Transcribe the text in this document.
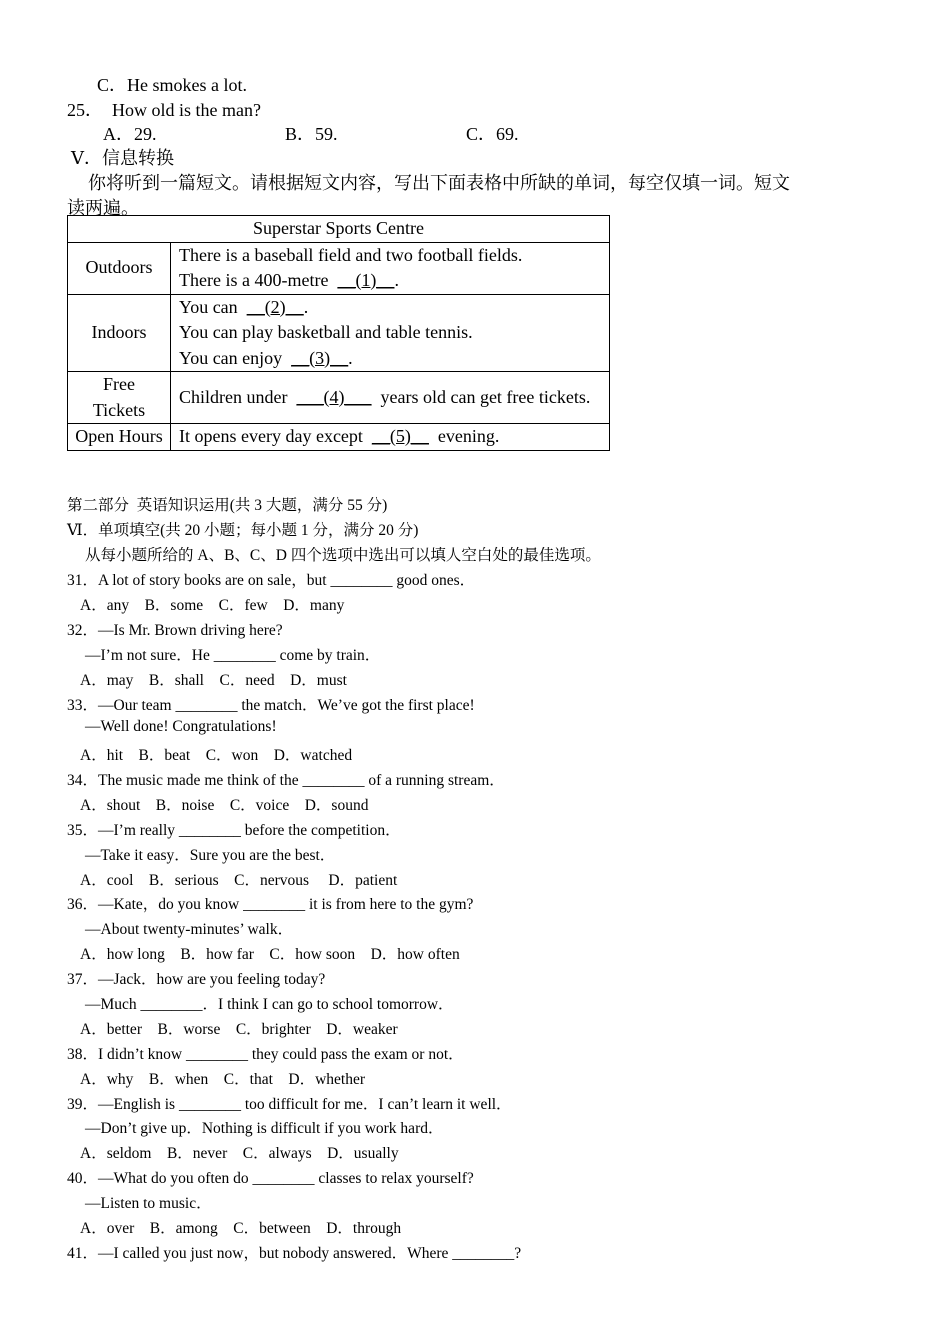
C．He smokes a lot.
25．  How old is the man?
A．29.	B．59.	C．69.
Ⅴ．信息转换
你将听到一篇短文。请根据短文内容，写出下面表格中所缺的单词，每空仅填一词。短文
读两遍。
Superstar Sports Centre	
Outdoors	There is a baseball field and two football fields.
There is a 400-metre  __(1)__.

Indoors	You can  __(2)__.
You can play basketball and table tennis.
You can enjoy  __(3)__.

Free
Tickets	Children under  ___(4)___  years old can get free tickets.
Open Hours	It opens every day except  __(5)__  evening.
第二部分  英语知识运用(共 3 大题，满分 55 分)
Ⅵ．单项填空(共 20 小题；每小题 1 分，满分 20 分)
从每小题所给的 A、B、C、D 四个选项中选出可以填人空白处的最佳选项。
31．A lot of story books are on sale，but ________ good ones．
A．any    B．some    C．few    D．many
32．—Is Mr. Brown driving here?
—I’m not sure．He ________ come by train．
A．may    B．shall    C．need    D．must
33．—Our team ________ the match．We’ve got the first place!
—Well done! Congratulations!
A．hit    B．beat    C．won    D．watched
34．The music made me think of the ________ of a running stream．
A．shout    B．noise    C．voice    D．sound
35．—I’m really ________ before the competition．
—Take it easy．Sure you are the best．
A．cool    B．serious    C．nervous     D．patient
36．—Kate，do you know ________ it is from here to the gym?
—About twenty-minutes’ walk．
A．how long    B．how far    C．how soon    D．how often
37．—Jack．how are you feeling today?
—Much ________．I think I can go to school tomorrow．
A．better    B．worse    C．brighter    D．weaker
38．I didn’t know ________ they could pass the exam or not．
A．why    B．when    C．that    D．whether
39．—English is ________ too difficult for me．I can’t learn it well．
—Don’t give up．Nothing is difficult if you work hard．
A．seldom    B．never    C．always    D．usually
40．—What do you often do ________ classes to relax yourself?
—Listen to music．
A．over    B．among    C．between    D．through
41．—I called you just now，but nobody answered．Where ________?
